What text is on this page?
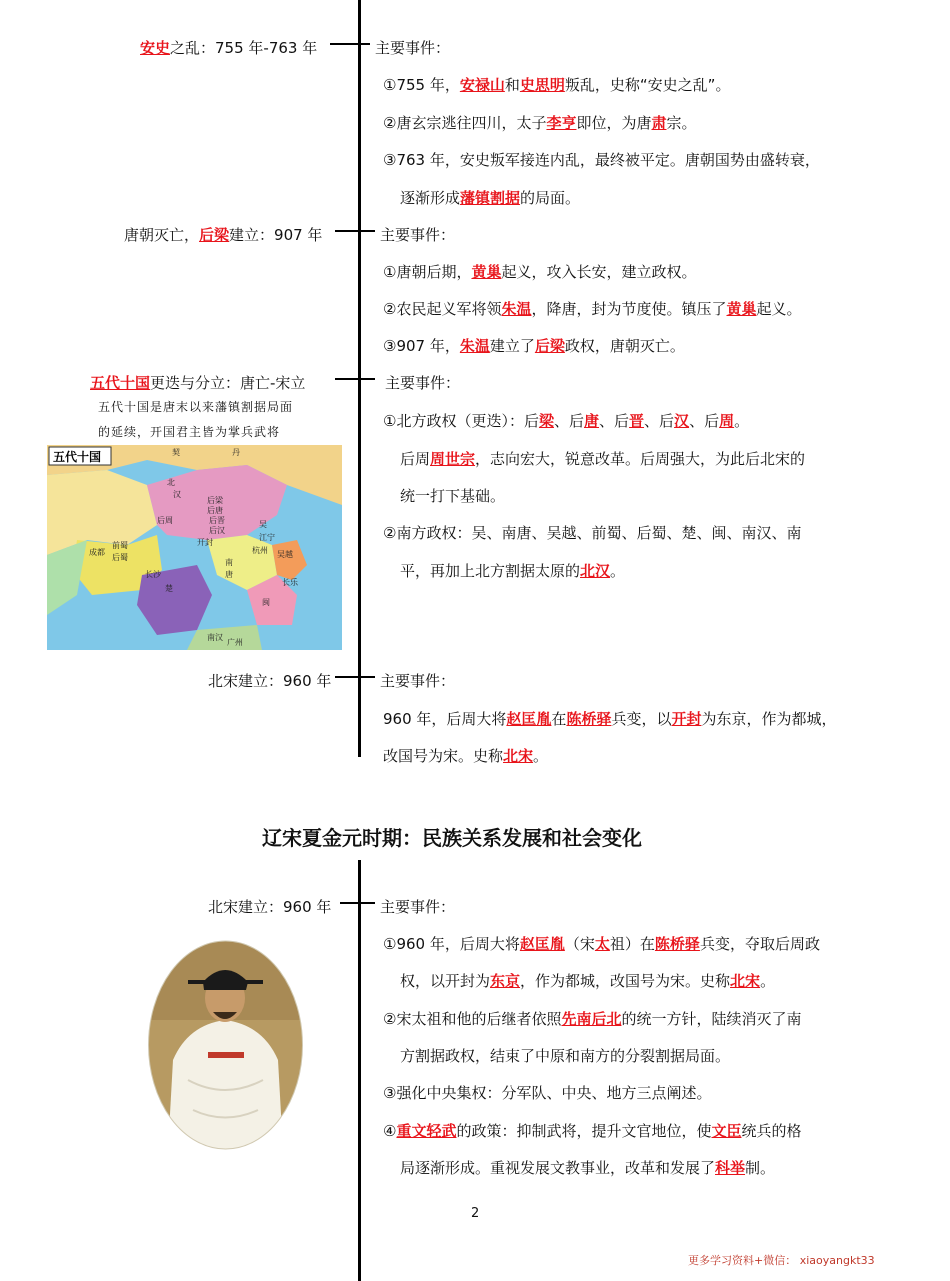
安史之乱：755 年-763 年	主要事件：
①755 年，安禄山和史思明叛乱，史称“安史之乱”。
②唐玄宗逃往四川，太子李亨即位，为唐肃宗。
③763 年，安史叛军接连内乱，最终被平定。唐朝国势由盛转衰，
逐渐形成藩镇割据的局面。
唐朝灭亡，后梁建立：907 年	主要事件：
①唐朝后期，黄巢起义，攻入长安，建立政权。
②农民起义军将领朱温，降唐，封为节度使。镇压了黄巢起义。
③907 年，朱温建立了后梁政权，唐朝灭亡。
五代十国更迭与分立：唐亡-宋立
五代十国是唐末以来藩镇割据局面
的延续，开国君主皆为掌兵武将
主要事件：
①北方政权（更迭）：后梁、后唐、后晋、后汉、后周。
后周周世宗，志向宏大，锐意改革。后周强大，为此后北宋的
统一打下基础。
②南方政权：吴、南唐、吴越、前蜀、后蜀、楚、闽、南汉、南
平，再加上北方割据太原的北汉。
五代十国
北
汉
后梁
后唐
后晋
后汉
后周
开封
前蜀
后蜀
成都
楚
长沙
南
唐
吴越
杭州
闽
南汉
广州
吴
丹
契
江宁
长乐
北宋建立：960 年	主要事件：
960 年，后周大将赵匡胤在陈桥驿兵变，以开封为东京，作为都城，
改国号为宋。史称北宋。
辽宋夏金元时期：民族关系发展和社会变化
北宋建立：960 年	主要事件：
①960 年，后周大将赵匡胤（宋太祖）在陈桥驿兵变，夺取后周政
权，以开封为东京，作为都城，改国号为宋。史称北宋。
②宋太祖和他的后继者依照先南后北的统一方针，陆续消灭了南
方割据政权，结束了中原和南方的分裂割据局面。
③强化中央集权：分军队、中央、地方三点阐述。
④重文轻武的政策：抑制武将，提升文官地位，使文臣统兵的格
局逐渐形成。重视发展文教事业，改革和发展了科举制。
2
更多学习资料+微信： xiaoyangkt33
